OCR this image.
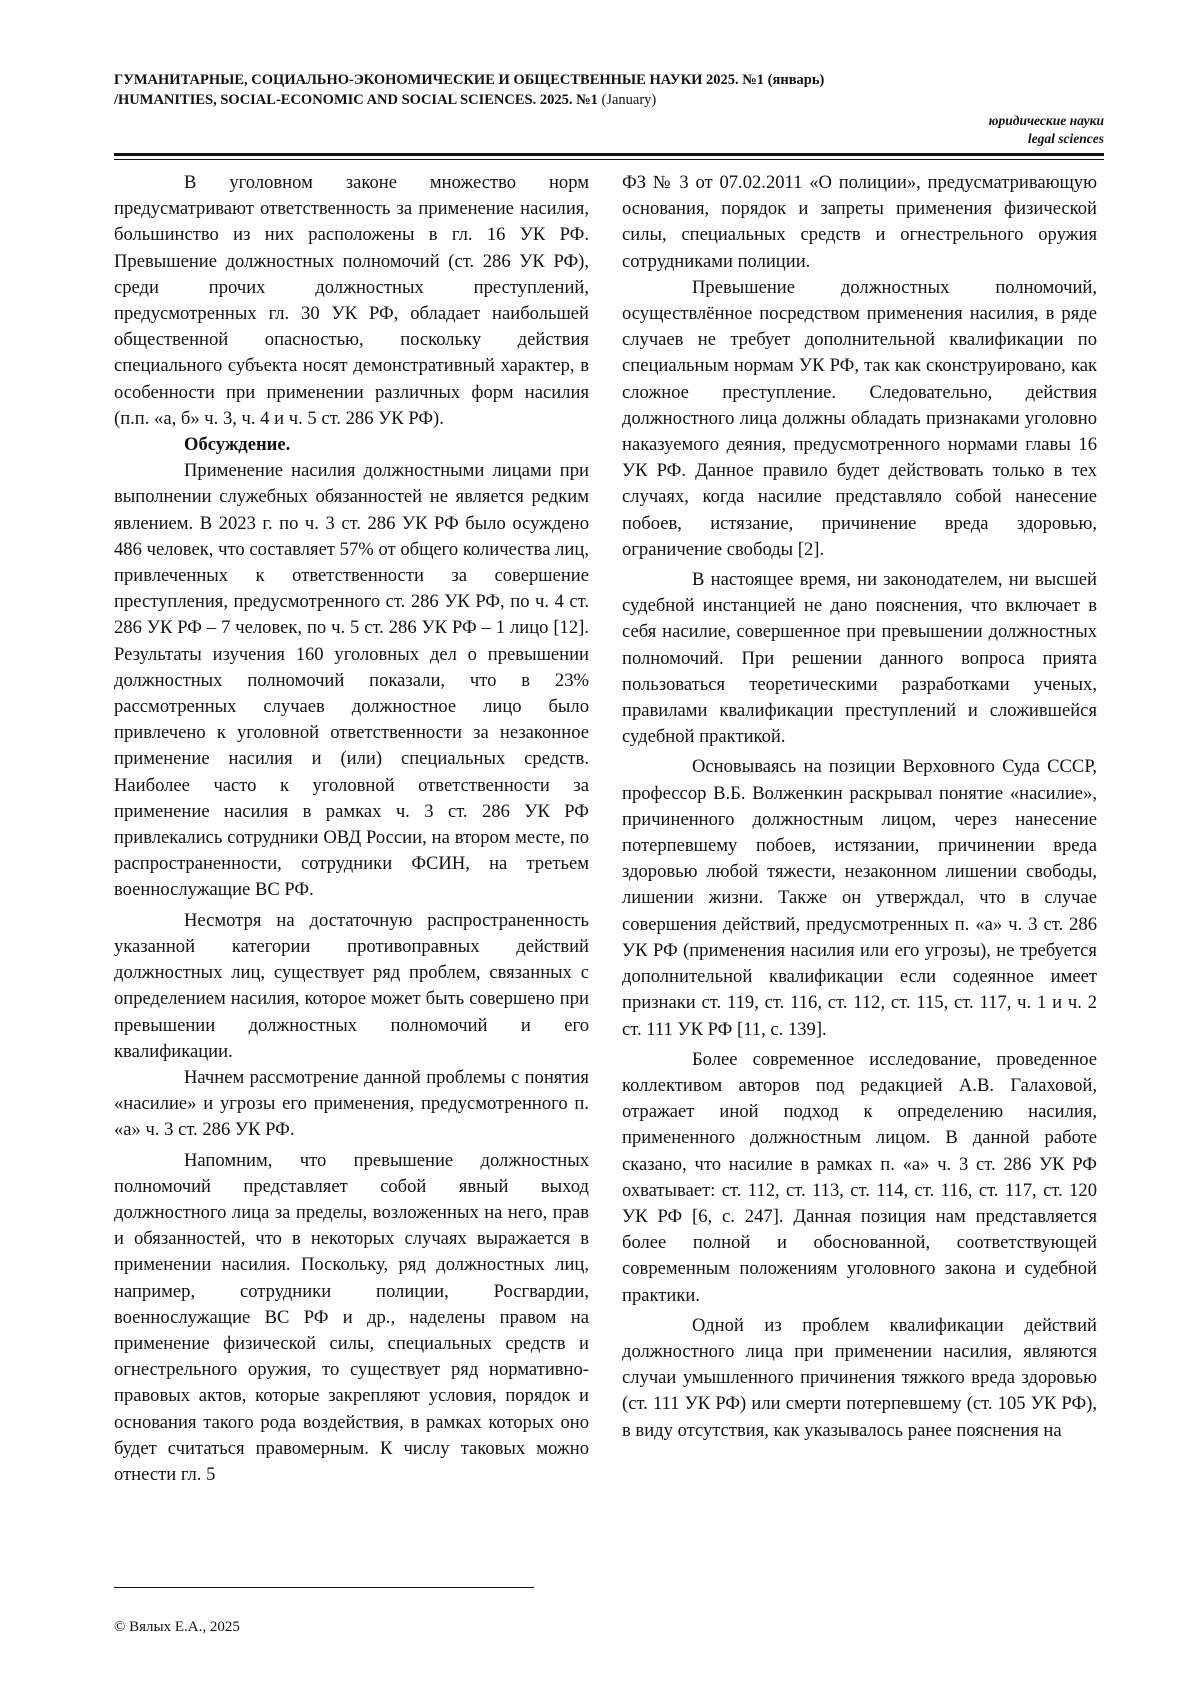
ГУМАНИТАРНЫЕ, СОЦИАЛЬНО-ЭКОНОМИЧЕСКИЕ И ОБЩЕСТВЕННЫЕ НАУКИ 2025. №1 (январь)
/HUMANITIES, SOCIAL-ECONOMIC AND SOCIAL SCIENCES. 2025. №1 (January)
юридические науки
legal sciences

В уголовном законе множество норм предусматривают ответственность за применение насилия, большинство из них расположены в гл. 16 УК РФ. Превышение должностных полномочий (ст. 286 УК РФ), среди прочих должностных преступлений, предусмотренных гл. 30 УК РФ, обладает наибольшей общественной опасностью, поскольку действия специального субъекта носят демонстративный характер, в особенности при применении различных форм насилия (п.п. «а, б» ч. 3, ч. 4 и ч. 5 ст. 286 УК РФ).

Обсуждение.

Применение насилия должностными лицами при выполнении служебных обязанностей не является редким явлением. В 2023 г. по ч. 3 ст. 286 УК РФ было осуждено 486 человек, что составляет 57% от общего количества лиц, привлеченных к ответственности за совершение преступления, предусмотренного ст. 286 УК РФ, по ч. 4 ст. 286 УК РФ – 7 человек, по ч. 5 ст. 286 УК РФ – 1 лицо [12]. Результаты изучения 160 уголовных дел о превышении должностных полномочий показали, что в 23% рассмотренных случаев должностное лицо было привлечено к уголовной ответственности за незаконное применение насилия и (или) специальных средств. Наиболее часто к уголовной ответственности за применение насилия в рамках ч. 3 ст. 286 УК РФ привлекались сотрудники ОВД России, на втором месте, по распространенности, сотрудники ФСИН, на третьем военнослужащие ВС РФ.

Несмотря на достаточную распространенность указанной категории противоправных действий должностных лиц, существует ряд проблем, связанных с определением насилия, которое может быть совершено при превышении должностных полномочий и его квалификации.

Начнем рассмотрение данной проблемы с понятия «насилие» и угрозы его применения, предусмотренного п. «а» ч. 3 ст. 286 УК РФ.

Напомним, что превышение должностных полномочий представляет собой явный выход должностного лица за пределы, возложенных на него, прав и обязанностей, что в некоторых случаях выражается в применении насилия. Поскольку, ряд должностных лиц, например, сотрудники полиции, Росгвардии, военнослужащие ВС РФ и др., наделены правом на применение физической силы, специальных средств и огнестрельного оружия, то существует ряд нормативно-правовых актов, которые закрепляют условия, порядок и основания такого рода воздействия, в рамках которых оно будет считаться правомерным. К числу таковых можно отнести гл. 5

ФЗ № 3 от 07.02.2011 «О полиции», предусматривающую основания, порядок и запреты применения физической силы, специальных средств и огнестрельного оружия сотрудниками полиции.

Превышение должностных полномочий, осуществлённое посредством применения насилия, в ряде случаев не требует дополнительной квалификации по специальным нормам УК РФ, так как сконструировано, как сложное преступление. Следовательно, действия должностного лица должны обладать признаками уголовно наказуемого деяния, предусмотренного нормами главы 16 УК РФ. Данное правило будет действовать только в тех случаях, когда насилие представляло собой нанесение побоев, истязание, причинение вреда здоровью, ограничение свободы [2].

В настоящее время, ни законодателем, ни высшей судебной инстанцией не дано пояснения, что включает в себя насилие, совершенное при превышении должностных полномочий. При решении данного вопроса прията пользоваться теоретическими разработками ученых, правилами квалификации преступлений и сложившейся судебной практикой.

Основываясь на позиции Верховного Суда СССР, профессор В.Б. Волженкин раскрывал понятие «насилие», причиненного должностным лицом, через нанесение потерпевшему побоев, истязании, причинении вреда здоровью любой тяжести, незаконном лишении свободы, лишении жизни. Также он утверждал, что в случае совершения действий, предусмотренных п. «а» ч. 3 ст. 286 УК РФ (применения насилия или его угрозы), не требуется дополнительной квалификации если содеянное имеет признаки ст. 119, ст. 116, ст. 112, ст. 115, ст. 117, ч. 1 и ч. 2 ст. 111 УК РФ [11, с. 139].

Более современное исследование, проведенное коллективом авторов под редакцией А.В. Галаховой, отражает иной подход к определению насилия, примененного должностным лицом. В данной работе сказано, что насилие в рамках п. «а» ч. 3 ст. 286 УК РФ охватывает: ст. 112, ст. 113, ст. 114, ст. 116, ст. 117, ст. 120 УК РФ [6, с. 247]. Данная позиция нам представляется более полной и обоснованной, соответствующей современным положениям уголовного закона и судебной практики.

Одной из проблем квалификации действий должностного лица при применении насилия, являются случаи умышленного причинения тяжкого вреда здоровью (ст. 111 УК РФ) или смерти потерпевшему (ст. 105 УК РФ), в виду отсутствия, как указывалось ранее пояснения на

© Вялых Е.А., 2025
